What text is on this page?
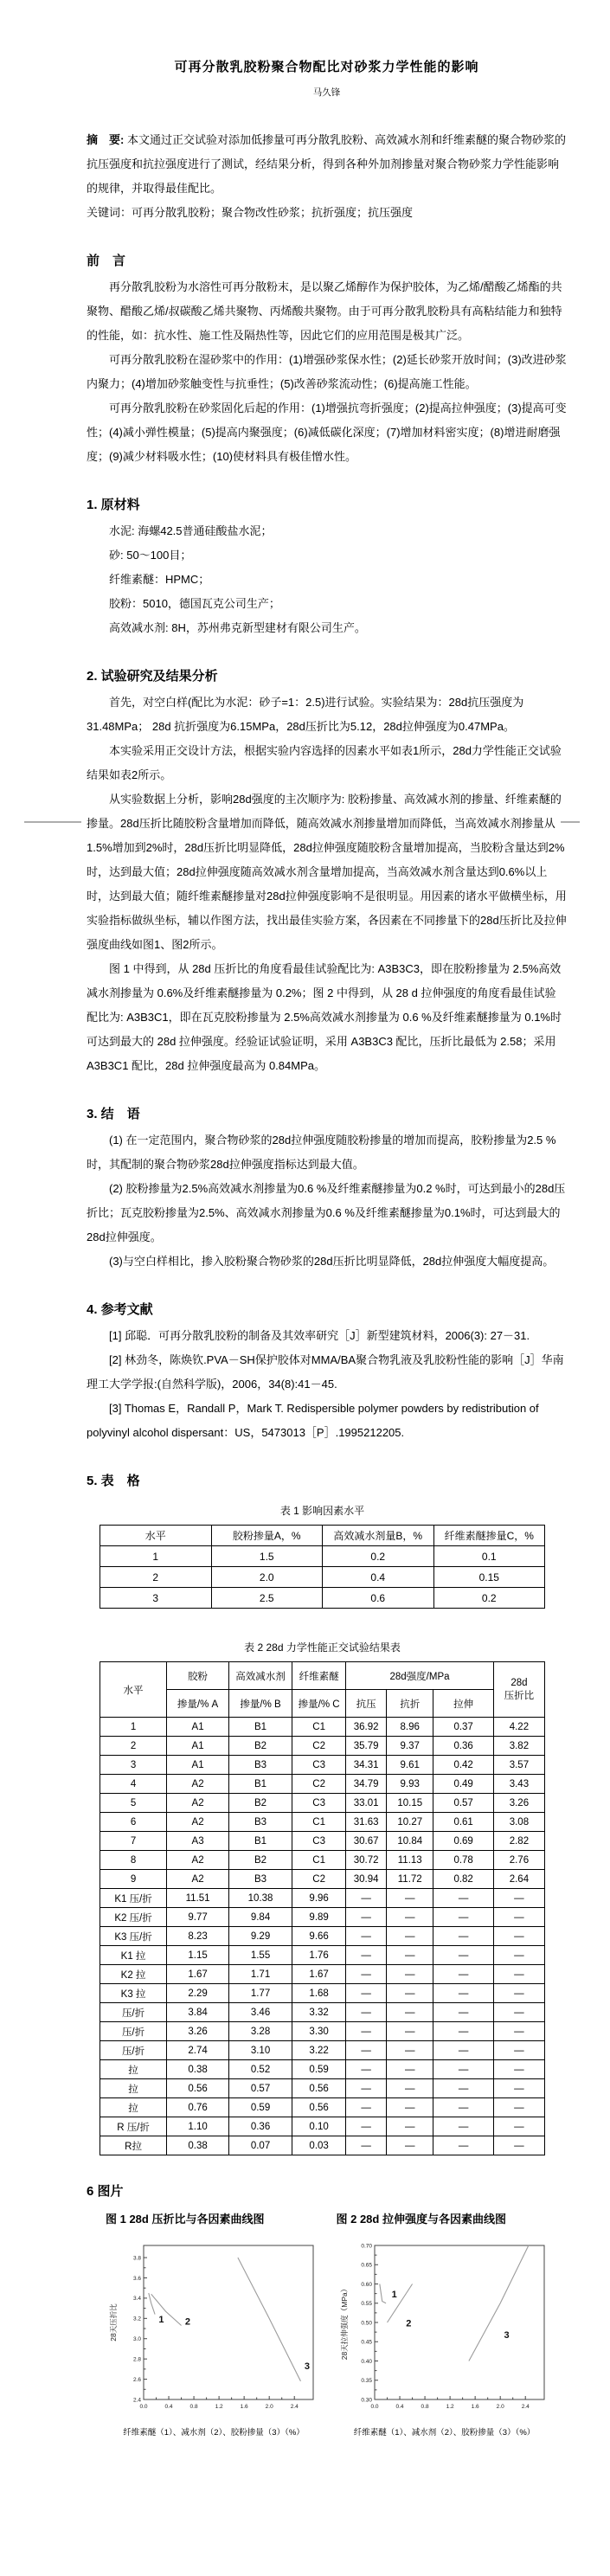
可再分散乳胶粉聚合物配比对砂浆力学性能的影响
马久锋
摘　要: 本文通过正交试验对添加低掺量可再分散乳胶粉、高效减水剂和纤维素醚的聚合物砂浆的抗压强度和抗拉强度进行了测试，经结果分析，得到各种外加剂掺量对聚合物砂浆力学性能影响的规律，并取得最佳配比。
关键词：可再分散乳胶粉；聚合物改性砂浆；抗折强度；抗压强度
前　言

再分散乳胶粉为水溶性可再分散粉末，是以聚乙烯醇作为保护胶体，为乙烯/醋酸乙烯酯的共聚物、醋酸乙烯/叔碳酸乙烯共聚物、丙烯酸共聚物。由于可再分散乳胶粉具有高粘结能力和独特的性能，如：抗水性、施工性及隔热性等，因此它们的应用范围是极其广泛。

可再分散乳胶粉在湿砂浆中的作用：(1)增强砂浆保水性；(2)延长砂浆开放时间；(3)改进砂浆内聚力；(4)增加砂浆触变性与抗垂性；(5)改善砂浆流动性；(6)提高施工性能。

可再分散乳胶粉在砂浆固化后起的作用：(1)增强抗弯折强度；(2)提高拉伸强度；(3)提高可变性；(4)减小弹性模量；(5)提高内聚强度；(6)减低碳化深度；(7)增加材料密实度；(8)增进耐磨强度；(9)减少材料吸水性；(10)使材料具有极佳憎水性。

1. 原材料

水泥: 海螺42.5普通硅酸盐水泥；

砂: 50～100目；

纤维素醚：HPMC；

胶粉：5010，德国瓦克公司生产；

高效减水剂: 8H，苏州弗克新型建材有限公司生产。

2. 试验研究及结果分析

首先，对空白样(配比为水泥：砂子=1：2.5)进行试验。实验结果为：28d抗压强度为31.48MPa； 28d 抗折强度为6.15MPa，28d压折比为5.12，28d拉伸强度为0.47MPa。

本实验采用正交设计方法，根据实验内容选择的因素水平如表1所示，28d力学性能正交试验结果如表2所示。

从实验数据上分析，影响28d强度的主次顺序为: 胶粉掺量、高效减水剂的掺量、纤维素醚的掺量。28d压折比随胶粉含量增加而降低，随高效减水剂掺量增加而降低，当高效减水剂掺量从1.5%增加到2%时，28d压折比明显降低，28d拉伸强度随胶粉含量增加提高，当胶粉含量达到2%时，达到最大值；28d拉伸强度随高效减水剂含量增加提高，当高效减水剂含量达到0.6%以上时，达到最大值；随纤维素醚掺量对28d拉伸强度影响不是很明显。用因素的诸水平做横坐标，用实验指标做纵坐标，辅以作图方法，找出最佳实验方案，各因素在不同掺量下的28d压折比及拉伸强度曲线如图1、图2所示。

图 1 中得到，从 28d 压折比的角度看最佳试验配比为: A3B3C3，即在胶粉掺量为 2.5%高效减水剂掺量为 0.6%及纤维素醚掺量为 0.2%；图 2 中得到，从 28 d 拉伸强度的角度看最佳试验配比为: A3B3C1，即在瓦克胶粉掺量为 2.5%高效减水剂掺量为 0.6 %及纤维素醚掺量为 0.1%时可达到最大的 28d 拉伸强度。经验证试验证明，采用 A3B3C3 配比，压折比最低为 2.58；采用 A3B3C1 配比，28d 拉伸强度最高为 0.84MPa。

3. 结　语

(1) 在一定范围内，聚合物砂浆的28d拉伸强度随胶粉掺量的增加而提高，胶粉掺量为2.5 %时，其配制的聚合物砂浆28d拉伸强度指标达到最大值。

(2) 胶粉掺量为2.5%高效减水剂掺量为0.6 %及纤维素醚掺量为0.2 %时，可达到最小的28d压折比；瓦克胶粉掺量为2.5%、高效减水剂掺量为0.6 %及纤维素醚掺量为0.1%时，可达到最大的28d拉伸强度。

(3)与空白样相比，掺入胶粉聚合物砂浆的28d压折比明显降低，28d拉伸强度大幅度提高。

4. 参考文献

[1] 邱聪．可再分散乳胶粉的制备及其效率研究［J］新型建筑材料，2006(3): 27－31.

[2] 林劲冬，陈焕钦.PVA－SH保护胶体对MMA/BA聚合物乳液及乳胶粉性能的影响［J］华南理工大学学报:(自然科学版)，2006，34(8):41－45.

[3] Thomas E，Randall P，Mark T. Redispersible polymer powders by redistribution of polyvinyl alcohol dispersant：US，5473013［P］.1995212205.

5. 表　格
表 1 影响因素水平
水平	胶粉掺量A，%	高效减水剂量B，%	纤维素醚掺量C，%
1	1.5	0.2	0.1
2	2.0	0.4	0.15
3	2.5	0.6	0.2
表 2 28d 力学性能正交试验结果表
水平	胶粉	高效减水剂	纤维素醚	28d强度/MPa			28d
压折比

	掺量/% A	掺量/% B	掺量/% C	抗压	抗折	拉伸	
1	A1	B1	C1	36.92	8.96	0.37	4.22
2	A1	B2	C2	35.79	9.37	0.36	3.82
3	A1	B3	C3	34.31	9.61	0.42	3.57
4	A2	B1	C2	34.79	9.93	0.49	3.43
5	A2	B2	C3	33.01	10.15	0.57	3.26
6	A2	B3	C1	31.63	10.27	0.61	3.08
7	A3	B1	C3	30.67	10.84	0.69	2.82
8	A2	B2	C1	30.72	11.13	0.78	2.76
9	A2	B3	C2	30.94	11.72	0.82	2.64
K1 压/折	11.51	10.38	9.96	—	—	—	—
K2 压/折	9.77	9.84	9.89	—	—	—	—
K3 压/折	8.23	9.29	9.66	—	—	—	—
K1 拉	1.15	1.55	1.76	—	—	—	—
K2 拉	1.67	1.71	1.67	—	—	—	—
K3 拉	2.29	1.77	1.68	—	—	—	—
压/折	3.84	3.46	3.32	—	—	—	—
压/折	3.26	3.28	3.30	—	—	—	—
压/折	2.74	3.10	3.22	—	—	—	—
拉	0.38	0.52	0.59	—	—	—	—
拉	0.56	0.57	0.56	—	—	—	—
拉	0.76	0.59	0.56	—	—	—	—
R 压/折	1.10	0.36	0.10	—	—	—	—
R拉	0.38	0.07	0.03	—	—	—	—
6 图片
图 1 28d 压折比与各因素曲线图
0.0	0.4	0.8	1.2	1.6	2.0	2.4
2.4
2.6
2.8
3.0
3.2
3.4
3.6
3.8
1 2
3
28天压折比
纤维素醚（1）、减水剂（2）、胶粉掺量（3）（%）
图 2 28d 拉伸强度与各因素曲线图
0.0	0.4	0.8	1.2	1.6	2.0	2.4
0.30
0.35
0.40
0.45
0.50
0.55
0.60
0.65
0.70
1
2
3
28天拉伸强度（MPa）
纤维素醚（1）、减水剂（2）、胶粉掺量（3）（%）
